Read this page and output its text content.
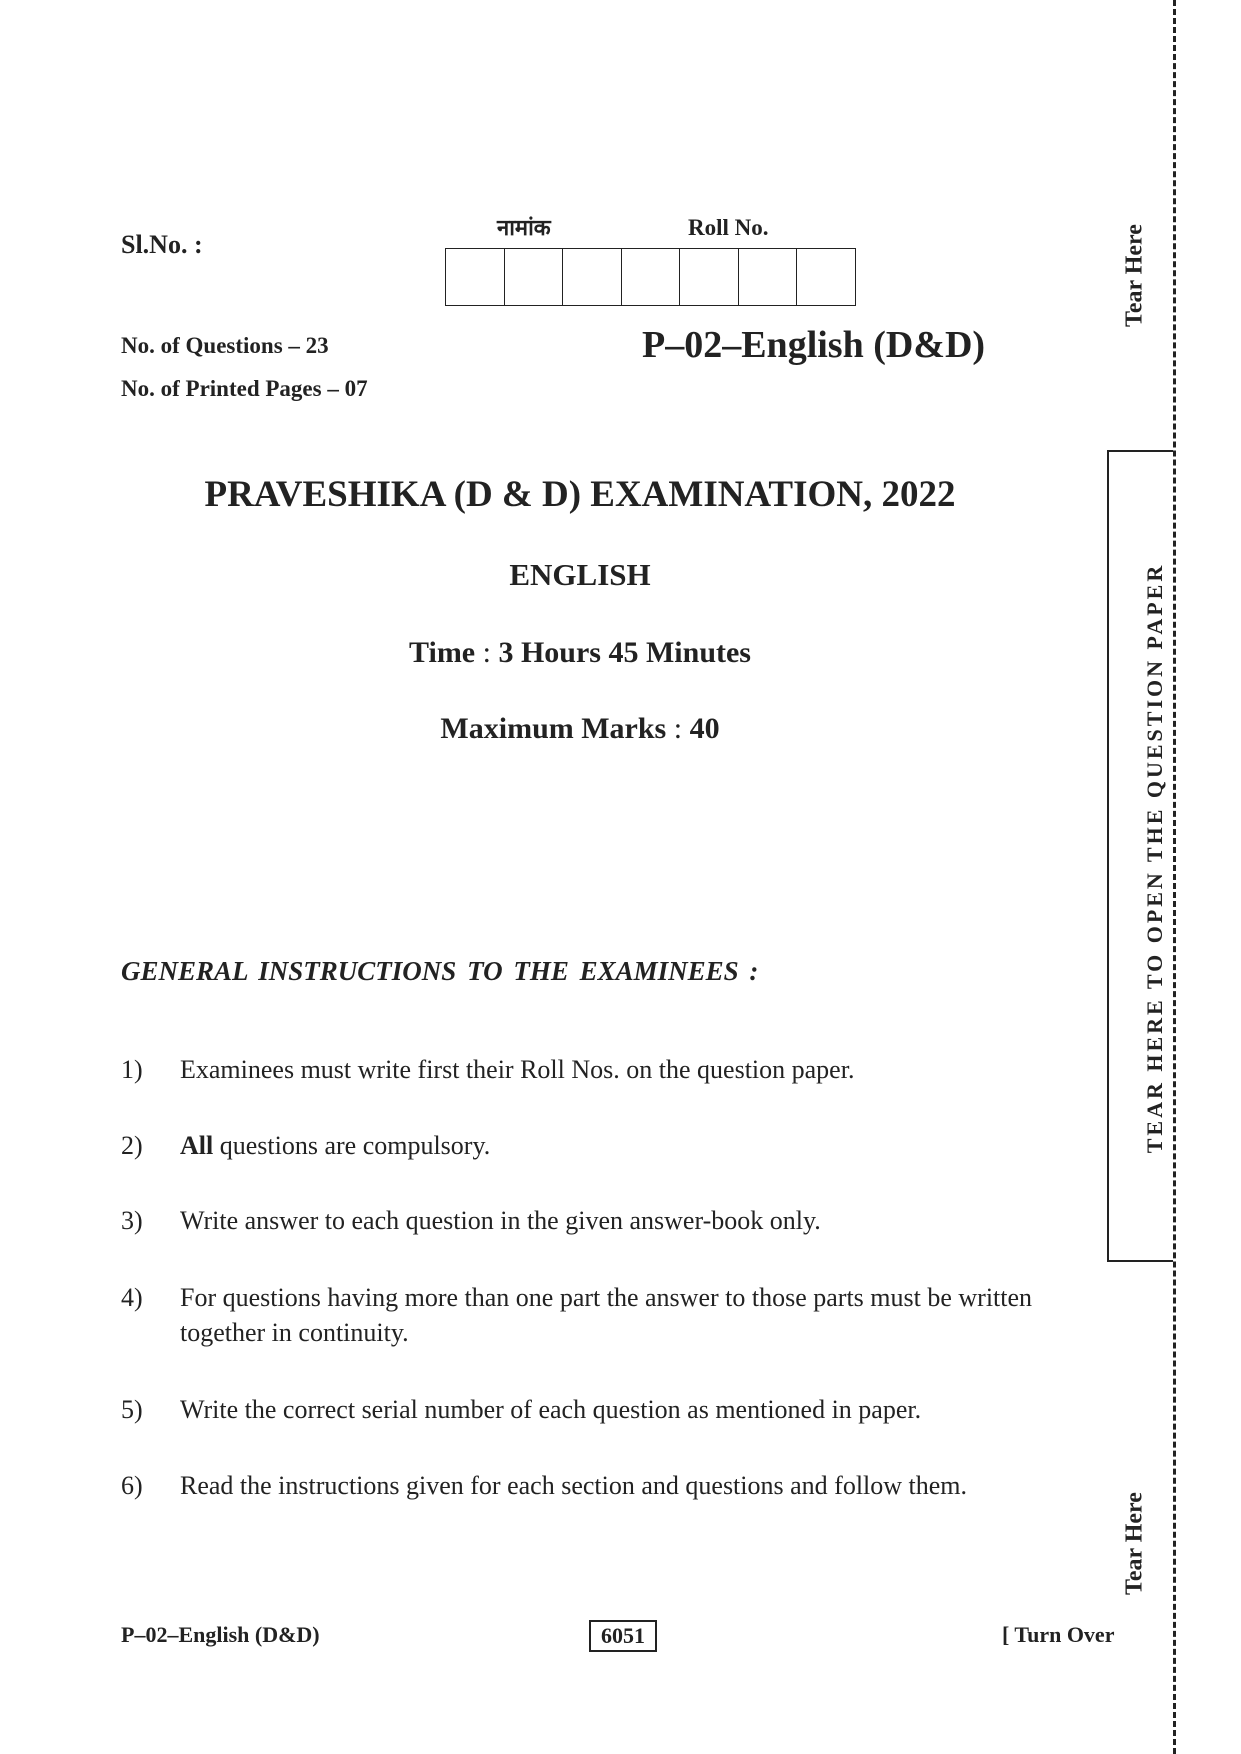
Sl.No. :
नामांक	Roll No.
No. of Questions – 23
No. of Printed Pages – 07
P–02–English (D&D)
PRAVESHIKA (D & D) EXAMINATION, 2022
ENGLISH
Time : 3 Hours 45 Minutes
Maximum Marks : 40
GENERAL INSTRUCTIONS TO THE EXAMINEES :
1) Examinees must write first their Roll Nos. on the question paper.
2) All questions are compulsory.
3) Write answer to each question in the given answer-book only.
4) For questions having more than one part the answer to those parts must be written together in continuity.
5) Write the correct serial number of each question as mentioned in paper.
6) Read the instructions given for each section and questions and follow them.
P–02–English (D&D)	6051	[ Turn Over
Tear Here
Tear Here
TEAR HERE TO OPEN THE QUESTION PAPER
